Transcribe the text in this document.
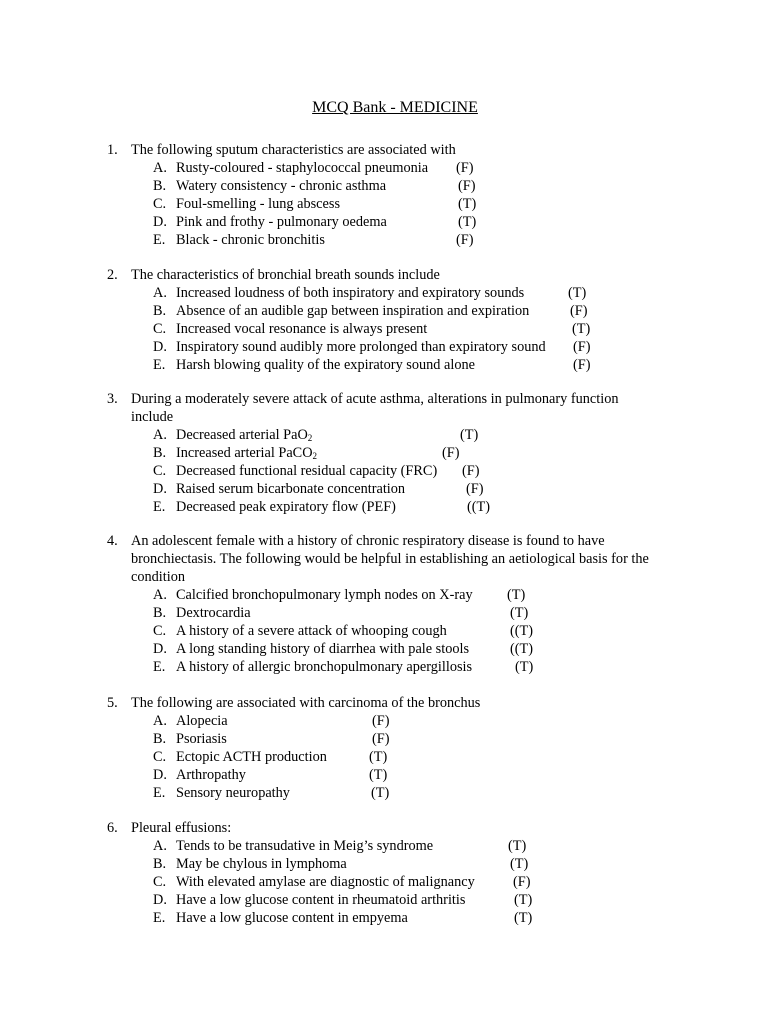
MCQ Bank - MEDICINE
1. The following sputum characteristics are associated with
A. Rusty-coloured - staphylococcal pneumonia (F)
B. Watery consistency - chronic asthma	(F)
C. Foul-smelling - lung abscess	(T)
D. Pink and frothy - pulmonary oedema	(T)
E. Black - chronic bronchitis	(F)
2. The characteristics of bronchial breath sounds include
A. Increased loudness of both inspiratory and expiratory sounds	(T)
B. Absence of an audible gap between inspiration and expiration	(F)
C. Increased vocal resonance is always present	(T)
D. Inspiratory sound audibly more prolonged than expiratory sound (F)
E. Harsh blowing quality of the expiratory sound alone	(F)
3. During a moderately severe attack of acute asthma, alterations in pulmonary function
include
A. Decreased arterial PaO$_2$	(T)
B. Increased arterial PaCO$_2$	(F)
C. Decreased functional residual capacity (FRC) (F)
D. Raised serum bicarbonate concentration	(F)
E. Decreased peak expiratory flow (PEF)	((T)
4. An adolescent female with a history of chronic respiratory disease is found to have
bronchiectasis. The following would be helpful in establishing an aetiological basis for the
condition
A. Calcified bronchopulmonary lymph nodes on X-ray (T)
B. Dextrocardia	(T)
C. A history of a severe attack of whooping cough	((T)
D. A long standing history of diarrhea with pale stools	((T)
E. A history of allergic bronchopulmonary apergillosis	(T)
5. The following are associated with carcinoma of the bronchus
A. Alopecia	(F)
B. Psoriasis	(F)
C. Ectopic ACTH production	(T)
D. Arthropathy	(T)
E. Sensory neuropathy	(T)
6. Pleural effusions:
A. Tends to be transudative in Meig’s syndrome	(T)
B. May be chylous in lymphoma	(T)
C. With elevated amylase are diagnostic of malignancy	(F)
D. Have a low glucose content in rheumatoid arthritis	(T)
E. Have a low glucose content in empyema	(T)
